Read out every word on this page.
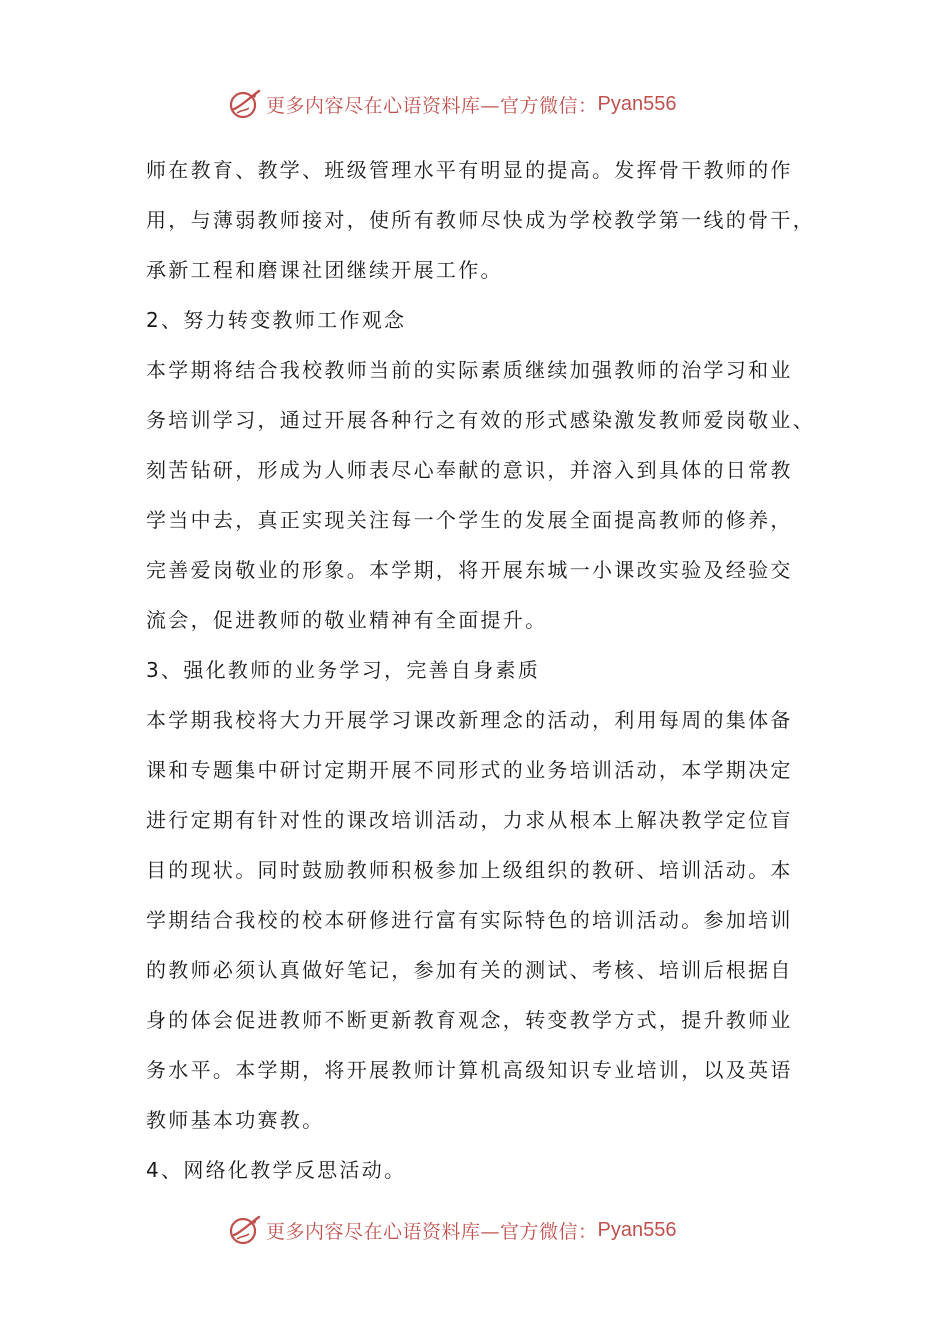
更多内容尽在心语资料库—官方微信： Pyan556
师在教育、教学、班级管理水平有明显的提高。发挥骨干教师的作
用，与薄弱教师接对，使所有教师尽快成为学校教学第一线的骨干，
承新工程和磨课社团继续开展工作。
2、努力转变教师工作观念
本学期将结合我校教师当前的实际素质继续加强教师的治学习和业
务培训学习，通过开展各种行之有效的形式感染激发教师爱岗敬业、
刻苦钻研，形成为人师表尽心奉献的意识，并溶入到具体的日常教
学当中去，真正实现关注每一个学生的发展全面提高教师的修养，
完善爱岗敬业的形象。本学期，将开展东城一小课改实验及经验交
流会，促进教师的敬业精神有全面提升。
3、强化教师的业务学习，完善自身素质
本学期我校将大力开展学习课改新理念的活动，利用每周的集体备
课和专题集中研讨定期开展不同形式的业务培训活动，本学期决定
进行定期有针对性的课改培训活动，力求从根本上解决教学定位盲
目的现状。同时鼓励教师积极参加上级组织的教研、培训活动。本
学期结合我校的校本研修进行富有实际特色的培训活动。参加培训
的教师必须认真做好笔记，参加有关的测试、考核、培训后根据自
身的体会促进教师不断更新教育观念，转变教学方式，提升教师业
务水平。本学期，将开展教师计算机高级知识专业培训，以及英语
教师基本功赛教。
4、网络化教学反思活动。
更多内容尽在心语资料库—官方微信： Pyan556
